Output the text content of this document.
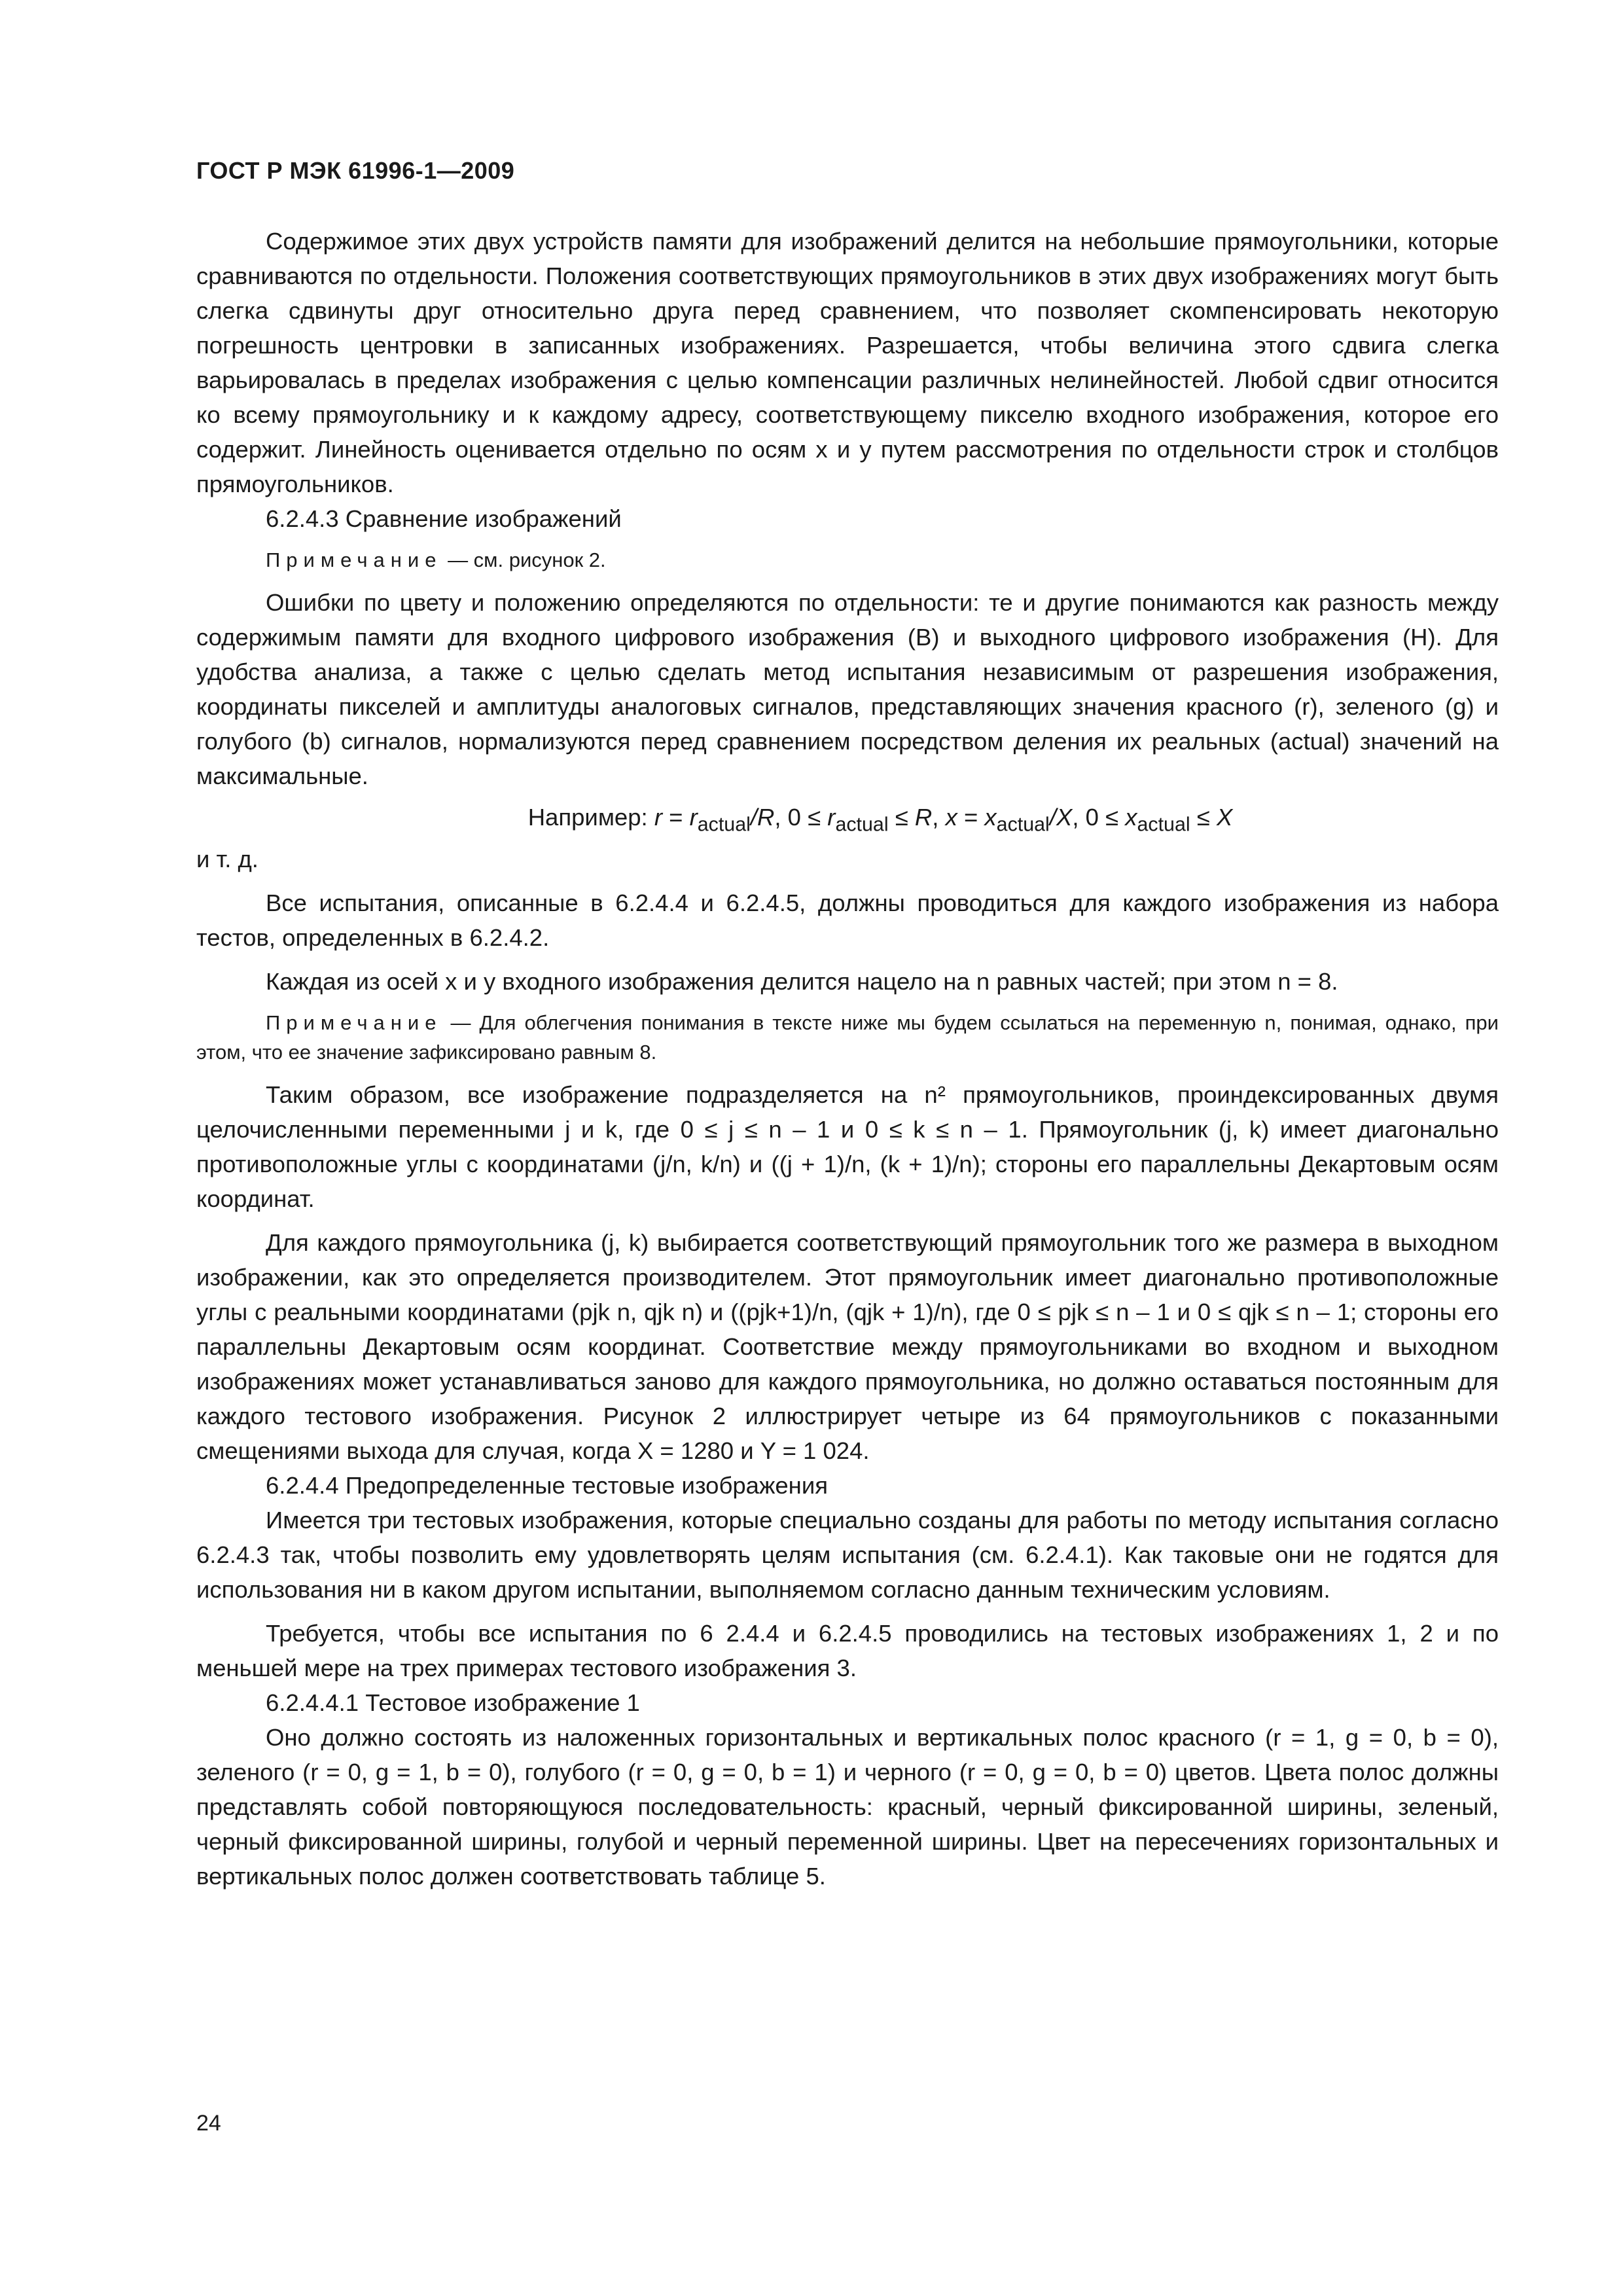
ГОСТ Р МЭК 61996-1—2009

Содержимое этих двух устройств памяти для изображений делится на небольшие прямоугольники, которые сравниваются по отдельности. Положения соответствующих прямоугольников в этих двух изображениях могут быть слегка сдвинуты друг относительно друга перед сравнением, что позволяет скомпенсировать некоторую погрешность центровки в записанных изображениях. Разрешается, чтобы величина этого сдвига слегка варьировалась в пределах изображения с целью компенсации различных нелинейностей. Любой сдвиг относится ко всему прямоугольнику и к каждому адресу, соответствующему пикселю входного изображения, которое его содержит. Линейность оценивается отдельно по осям x и y путем рассмотрения по отдельности строк и столбцов прямоугольников.

6.2.4.3 Сравнение изображений

Примечание — см. рисунок 2.

Ошибки по цвету и положению определяются по отдельности: те и другие понимаются как разность между содержимым памяти для входного цифрового изображения (B) и выходного цифрового изображения (H). Для удобства анализа, а также с целью сделать метод испытания независимым от разрешения изображения, координаты пикселей и амплитуды аналоговых сигналов, представляющих значения красного (r), зеленого (g) и голубого (b) сигналов, нормализуются перед сравнением посредством деления их реальных (actual) значений на максимальные.

Например: $r = r_{actual}/R$, $0 \le r_{actual} \le R$, $x = x_{actual}/X$, $0 \le x_{actual} \le X$
и т. д.

Все испытания, описанные в 6.2.4.4 и 6.2.4.5, должны проводиться для каждого изображения из набора тестов, определенных в 6.2.4.2.

Каждая из осей x и y входного изображения делится нацело на n равных частей; при этом n = 8.

Примечание — Для облегчения понимания в тексте ниже мы будем ссылаться на переменную n, понимая, однако, при этом, что ее значение зафиксировано равным 8.

Таким образом, все изображение подразделяется на n² прямоугольников, проиндексированных двумя целочисленными переменными j и k, где 0 ≤ j ≤ n – 1 и 0 ≤ k ≤ n – 1. Прямоугольник (j, k) имеет диагонально противоположные углы с координатами (j/n, k/n) и ((j + 1)/n, (k + 1)/n); стороны его параллельны Декартовым осям координат.

Для каждого прямоугольника (j, k) выбирается соответствующий прямоугольник того же размера в выходном изображении, как это определяется производителем. Этот прямоугольник имеет диагонально противоположные углы с реальными координатами (pjk n, qjk n) и ((pjk+1)/n, (qjk + 1)/n), где 0 ≤ pjk ≤ n – 1 и 0 ≤ qjk ≤ n – 1; стороны его параллельны Декартовым осям координат. Соответствие между прямоугольниками во входном и выходном изображениях может устанавливаться заново для каждого прямоугольника, но должно оставаться постоянным для каждого тестового изображения. Рисунок 2 иллюстрирует четыре из 64 прямоугольников с показанными смещениями выхода для случая, когда X = 1280 и Y = 1 024.

6.2.4.4 Предопределенные тестовые изображения

Имеется три тестовых изображения, которые специально созданы для работы по методу испытания согласно 6.2.4.3 так, чтобы позволить ему удовлетворять целям испытания (см. 6.2.4.1). Как таковые они не годятся для использования ни в каком другом испытании, выполняемом согласно данным техническим условиям.

Требуется, чтобы все испытания по 6 2.4.4 и 6.2.4.5 проводились на тестовых изображениях 1, 2 и по меньшей мере на трех примерах тестового изображения 3.

6.2.4.4.1 Тестовое изображение 1

Оно должно состоять из наложенных горизонтальных и вертикальных полос красного (r = 1, g = 0, b = 0), зеленого (r = 0, g = 1, b = 0), голубого (r = 0, g = 0, b = 1) и черного (r = 0, g = 0, b = 0) цветов. Цвета полос должны представлять собой повторяющуюся последовательность: красный, черный фиксированной ширины, зеленый, черный фиксированной ширины, голубой и черный переменной ширины. Цвет на пересечениях горизонтальных и вертикальных полос должен соответствовать таблице 5.

24
